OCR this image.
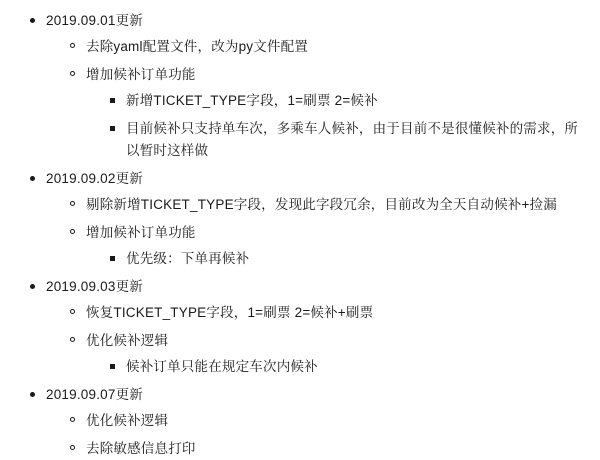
2019.09.01更新
去除yaml配置文件，改为py文件配置
增加候补订单功能
新增TICKET_TYPE字段，1=刷票 2=候补
目前候补只支持单车次，多乘车人候补，由于目前不是很懂候补的需求，所以暂时这样做
2019.09.02更新
剔除新增TICKET_TYPE字段，发现此字段冗余，目前改为全天自动候补+捡漏
增加候补订单功能
优先级：下单再候补
2019.09.03更新
恢复TICKET_TYPE字段，1=刷票 2=候补+刷票
优化候补逻辑
候补订单只能在规定车次内候补
2019.09.07更新
优化候补逻辑
去除敏感信息打印
